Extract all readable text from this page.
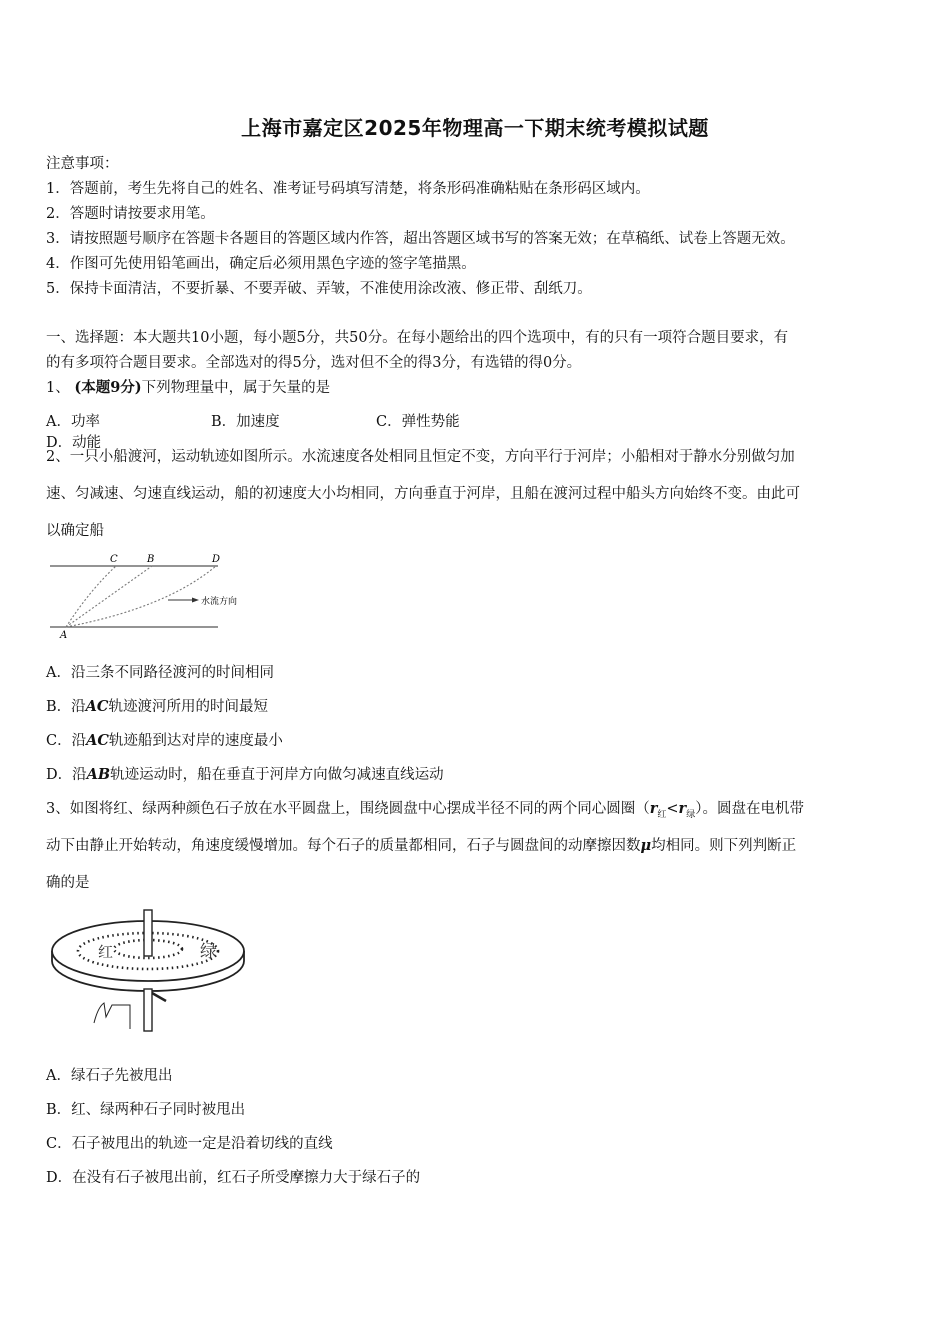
上海市嘉定区2025年物理高一下期末统考模拟试题
注意事项：
1．答题前，考生先将自己的姓名、准考证号码填写清楚，将条形码准确粘贴在条形码区域内。
2．答题时请按要求用笔。
3．请按照题号顺序在答题卡各题目的答题区域内作答，超出答题区域书写的答案无效；在草稿纸、试卷上答题无效。
4．作图可先使用铅笔画出，确定后必须用黑色字迹的签字笔描黑。
5．保持卡面清洁，不要折暴、不要弄破、弄皱，不准使用涂改液、修正带、刮纸刀。
一、选择题：本大题共10小题，每小题5分，共50分。在每小题给出的四个选项中，有的只有一项符合题目要求，有
的有多项符合题目要求。全部选对的得5分，选对但不全的得3分，有选错的得0分。
1、 (本题9分)下列物理量中，属于矢量的是
A．功率	B．加速度	C．弹性势能D．动能
2、一只小船渡河，运动轨迹如图所示。水流速度各处相同且恒定不变，方向平行于河岸；小船相对于静水分别做匀加
速、匀减速、匀速直线运动，船的初速度大小均相同，方向垂直于河岸，且船在渡河过程中船头方向始终不变。由此可
以确定船
C	B	D
A
水流方向
A．沿三条不同路径渡河的时间相同
B．沿AC轨迹渡河所用的时间最短
C．沿AC轨迹船到达对岸的速度最小
D．沿AB轨迹运动时，船在垂直于河岸方向做匀减速直线运动
3、如图将红、绿两种颜色石子放在水平圆盘上，围绕圆盘中心摆成半径不同的两个同心圆圈$(r_红<r_绿)$。圆盘在电机带
动下由静止开始转动，角速度缓慢增加。每个石子的质量都相同，石子与圆盘间的动摩擦因数μ均相同。则下列判断正
确的是
红	绿
A．绿石子先被甩出
B．红、绿两种石子同时被甩出
C．石子被甩出的轨迹一定是沿着切线的直线
D．在没有石子被甩出前，红石子所受摩擦力大于绿石子的
